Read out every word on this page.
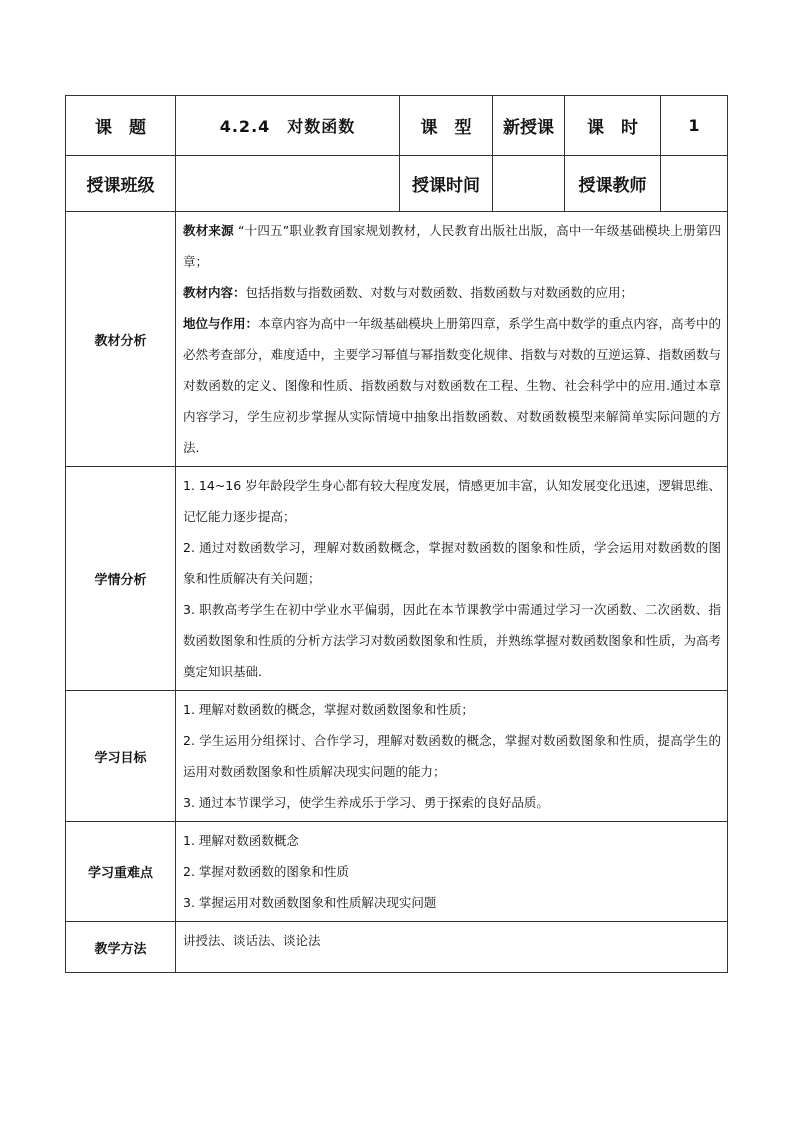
课　题	4.2.4　对数函数	课　型	新授课	课　时	1
授课班级		授课时间		授课教师	
教材分析	教材来源 “十四五”职业教育国家规划教材，人民教育出版社出版，高中一年级基础模块上册第四章；

教材内容：包括指数与指数函数、对数与对数函数、指数函数与对数函数的应用；

地位与作用：本章内容为高中一年级基础模块上册第四章，系学生高中数学的重点内容，高考中的必然考查部分，难度适中，主要学习幂值与幂指数变化规律、指数与对数的互逆运算、指数函数与对数函数的定义、图像和性质、指数函数与对数函数在工程、生物、社会科学中的应用.通过本章内容学习，学生应初步掌握从实际情境中抽象出指数函数、对数函数模型来解简单实际问题的方法.				

学情分析	1. 14~16 岁年龄段学生身心都有较大程度发展，情感更加丰富，认知发展变化迅速，逻辑思维、记忆能力逐步提高；

2. 通过对数函数学习，理解对数函数概念，掌握对数函数的图象和性质，学会运用对数函数的图象和性质解决有关问题；

3. 职教高考学生在初中学业水平偏弱，因此在本节课教学中需通过学习一次函数、二次函数、指数函数图象和性质的分析方法学习对数函数图象和性质，并熟练掌握对数函数图象和性质，为高考奠定知识基础.				

学习目标	1. 理解对数函数的概念，掌握对数函数图象和性质；

2. 学生运用分组探讨、合作学习，理解对数函数的概念，掌握对数函数图象和性质，提高学生的运用对数函数图象和性质解决现实问题的能力；

3. 通过本节课学习，使学生养成乐于学习、勇于探索的良好品质。				

学习重难点	1. 理解对数函数概念

2. 掌握对数函数的图象和性质

3. 掌握运用对数函数图象和性质解决现实问题				

教学方法	讲授法、谈话法、谈论法				
